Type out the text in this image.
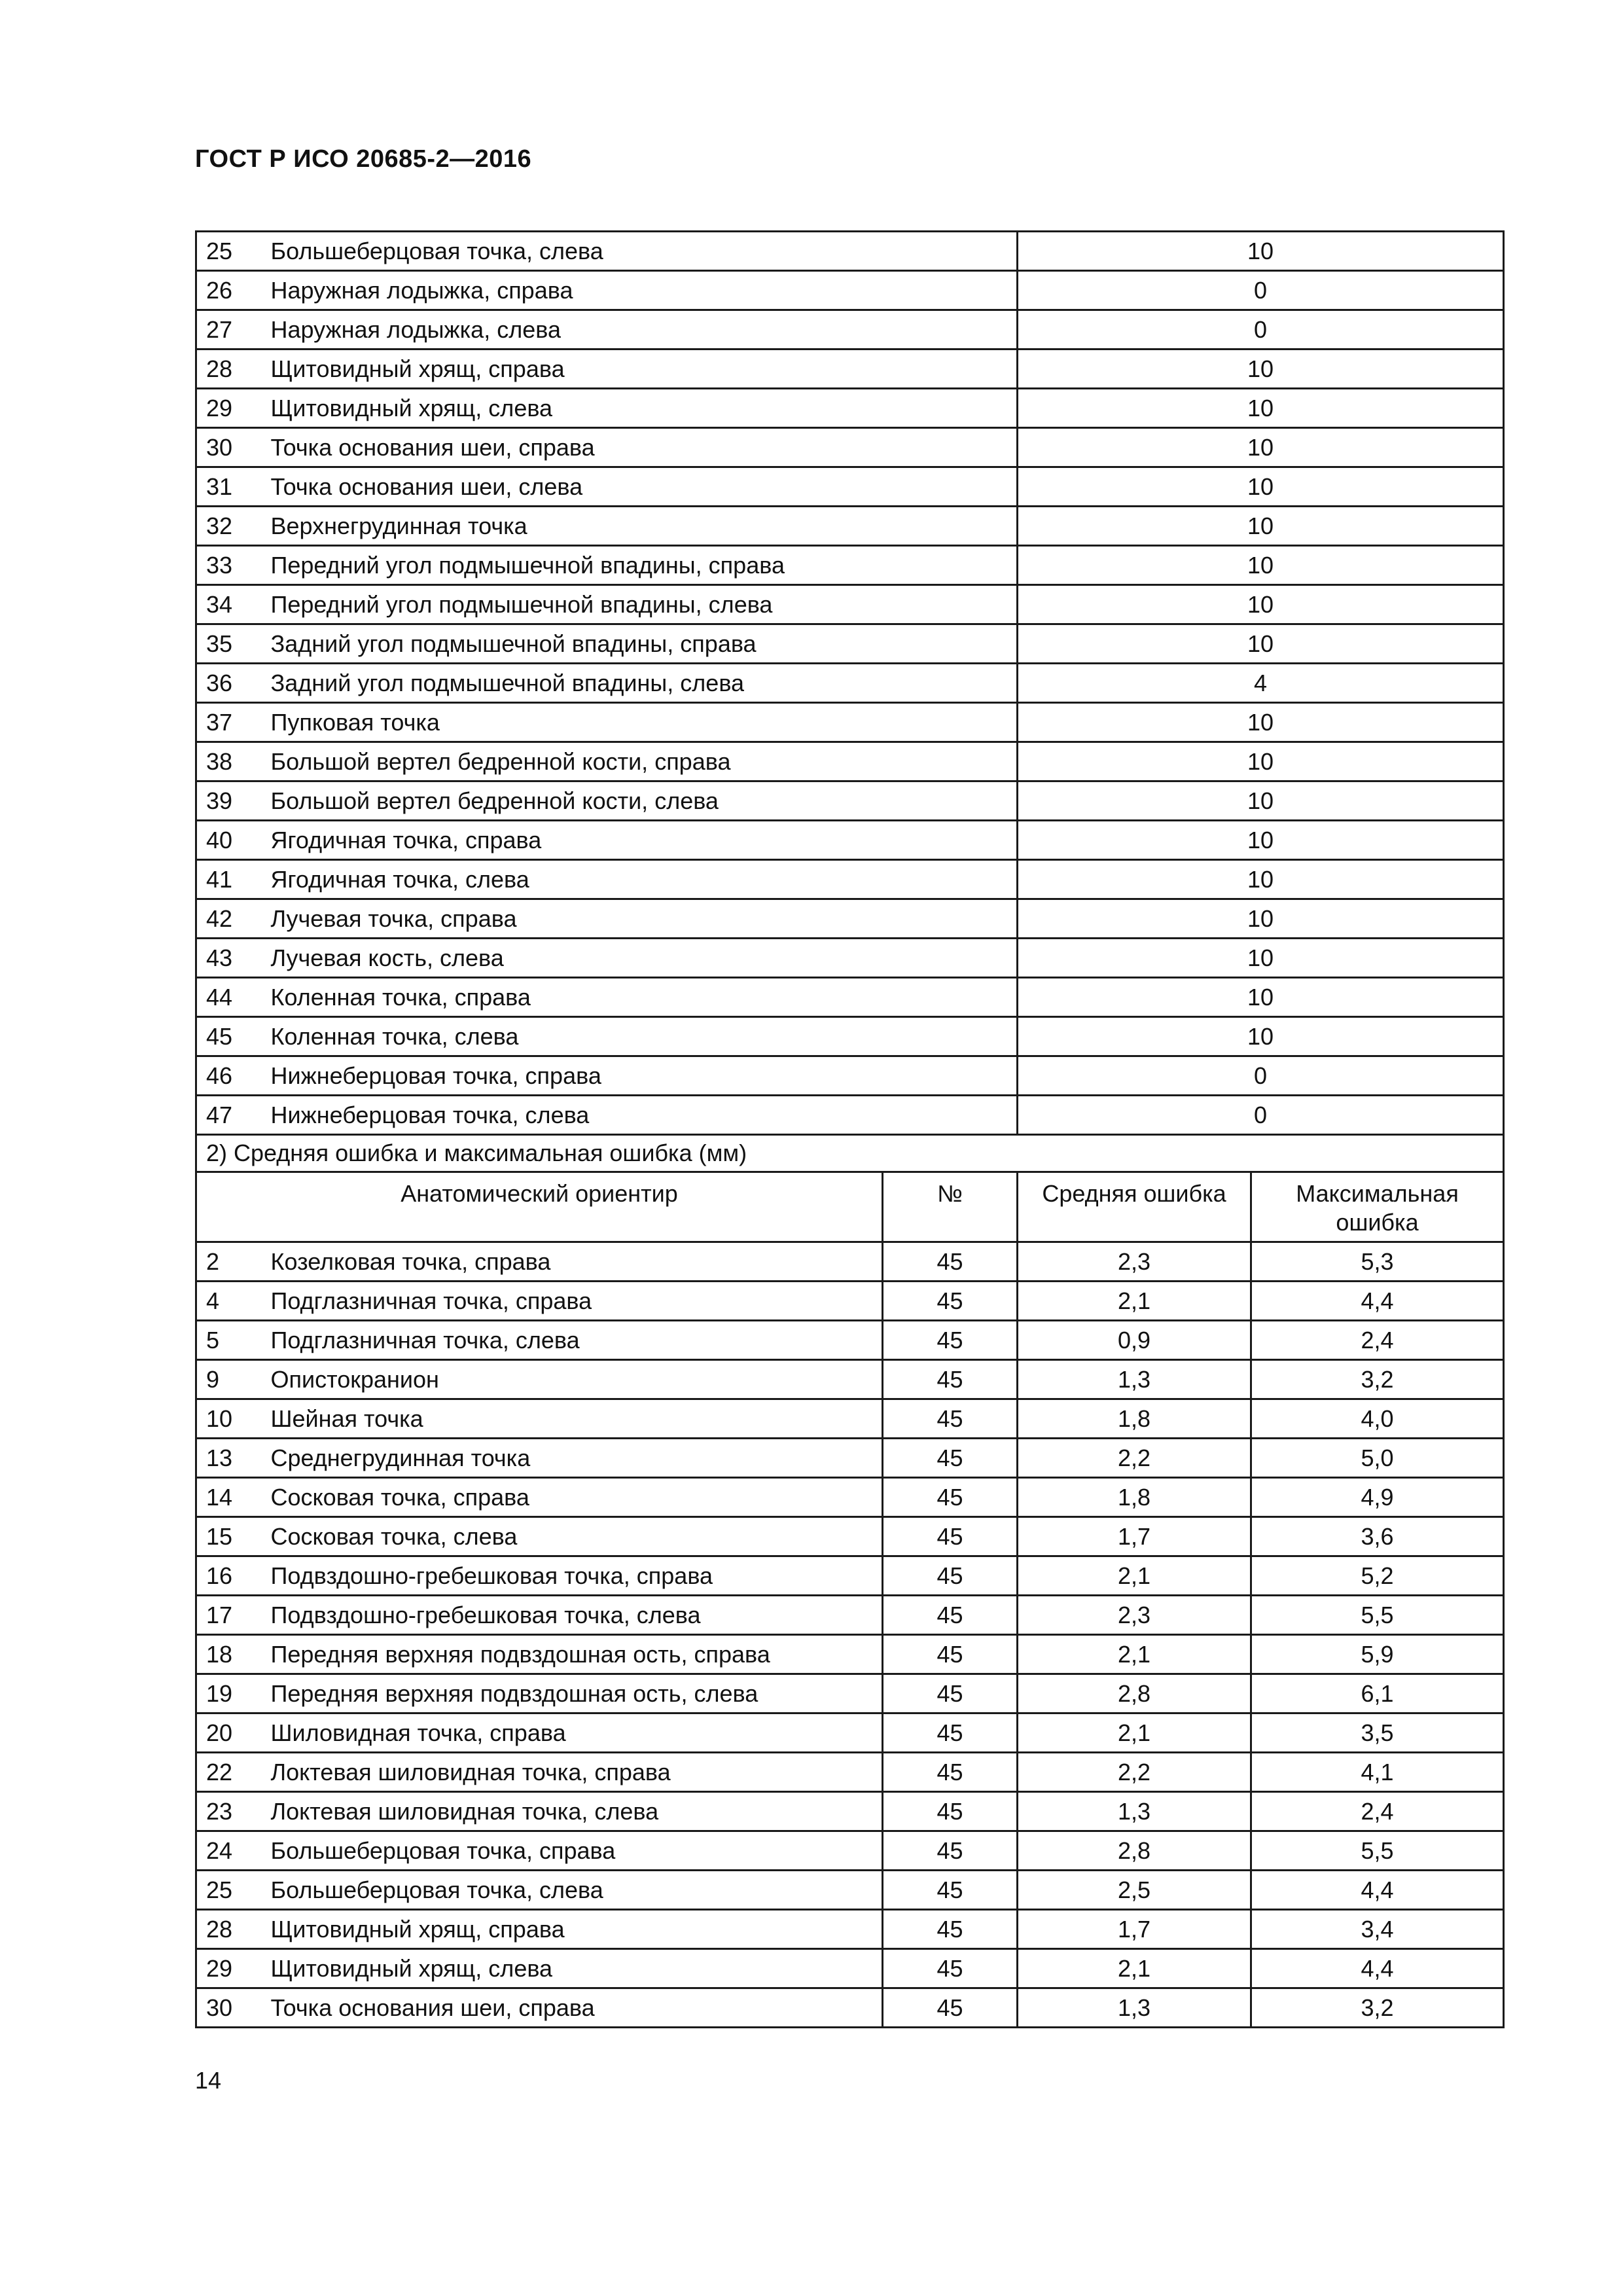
ГОСТ Р ИСО 20685-2—2016
25	Большеберцовая точка, слева	10
26	Наружная лодыжка, справа	0
27	Наружная лодыжка, слева	0
28	Щитовидный хрящ, справа	10
29	Щитовидный хрящ, слева	10
30	Точка основания шеи, справа	10
31	Точка основания шеи, слева	10
32	Верхнегрудинная точка	10
33	Передний угол подмышечной впадины, справа	10
34	Передний угол подмышечной впадины, слева	10
35	Задний угол подмышечной впадины, справа	10
36	Задний угол подмышечной впадины, слева	4
37	Пупковая точка	10
38	Большой вертел бедренной кости, справа	10
39	Большой вертел бедренной кости, слева	10
40	Ягодичная точка, справа	10
41	Ягодичная точка, слева	10
42	Лучевая точка, справа	10
43	Лучевая кость, слева	10
44	Коленная точка, справа	10
45	Коленная точка, слева	10
46	Нижнеберцовая точка, справа	0
47	Нижнеберцовая точка, слева	0
2) Средняя ошибка и максимальная ошибка (мм)				
Анатомический ориентир		№	Средняя ошибка	Максимальная ошибка
2	Козелковая точка, справа	45	2,3	5,3
4	Подглазничная точка, справа	45	2,1	4,4
5	Подглазничная точка, слева	45	0,9	2,4
9	Опистокранион	45	1,3	3,2
10	Шейная точка	45	1,8	4,0
13	Среднегрудинная точка	45	2,2	5,0
14	Сосковая точка, справа	45	1,8	4,9
15	Сосковая точка, слева	45	1,7	3,6
16	Подвздошно-гребешковая точка, справа	45	2,1	5,2
17	Подвздошно-гребешковая точка, слева	45	2,3	5,5
18	Передняя верхняя подвздошная ость, справа	45	2,1	5,9
19	Передняя верхняя подвздошная ость, слева	45	2,8	6,1
20	Шиловидная точка, справа	45	2,1	3,5
22	Локтевая шиловидная точка, справа	45	2,2	4,1
23	Локтевая шиловидная точка, слева	45	1,3	2,4
24	Большеберцовая точка, справа	45	2,8	5,5
25	Большеберцовая точка, слева	45	2,5	4,4
28	Щитовидный хрящ, справа	45	1,7	3,4
29	Щитовидный хрящ, слева	45	2,1	4,4
30	Точка основания шеи, справа	45	1,3	3,2
14
